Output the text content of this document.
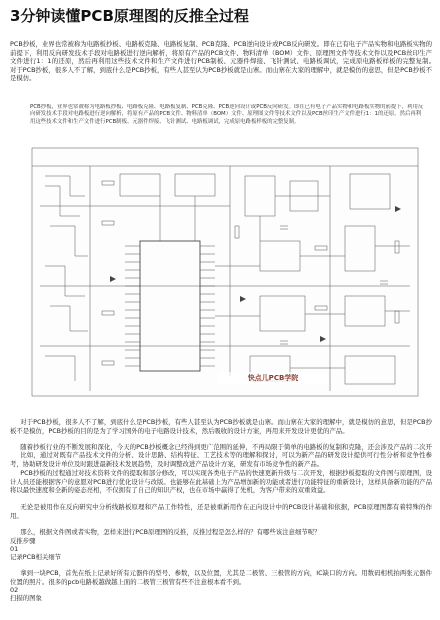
3分钟读懂PCB原理图的反推全过程
PCB抄板，业界也常被称为电路板抄板、电路板克隆、电路板复制、PCB克隆、PCB逆向设计或PCB反向研发。即在已有电子产品实物和电路板实物的前提下，利用反向研发技术手段对电路板进行逆向解析，将原有产品的PCB文件、物料清单（BOM）文件、原理图文件等技术文件以及PCB丝印生产文件进行1：1的还原，然后再利用这些技术文件和生产文件进行PCB制板、元器件焊接、飞针测试、电路板调试，完成原电路板样板的完整复制。　　对于PCB抄板，很多人不了解，到底什么是PCB抄板，有些人甚至认为PCB抄板就是山寨。而山寨在大家的理解中，就是模仿的意思，但是PCB抄板不是模仿。
PCB抄板，业界也常被称为电路板抄板、电路板克隆、电路板复制、PCB克隆、PCB逆向设计或PCB反向研发。即在已有电子产品实物和电路板实物的前提下，利用反向研发技术手段对电路板进行逆向解析，将原有产品的PCB文件、物料清单（BOM）文件、原理图文件等技术文件以及PCB丝印生产文件进行1：1的还原。然后再利用这些技术文件和生产文件进行PCB制板、元器件焊接、飞针测试、电路板调试，完成原电路板样板的完整复制。
快点儿PCB学院
对于PCB抄板，很多人不了解，到底什么是PCB抄板，有些人甚至认为PCB抄板就是山寨。而山寨在大家的理解中，就是模仿的意思，但是PCB抄板不是模仿，PCB抄板的目的是为了学习国外的电子电路设计技术，然后吸收的设计方案，再用来开发设计更优的产品。
随着抄板行业的不断发展和深化，今天的PCB抄板概念已经得到更广范围的延伸，不再局限于简单的电路板的复制和克隆，还会涉及产品的二次开
比如，通过对既有产品技术文件的分析、设计思路、结构特征、工艺技术等的理解和探讨，可以为新产品的研发设计提供可行性分析和竞争性参考，协助研发设计单位及时跟进最新技术发展趋势，及时调整改进产品设计方案，研发有市场竞争性的新产品。
PCB抄板的过程通过对技术资料文件的提取和部分修改，可以实现各类电子产品的快速更新升级与二次开发，根据抄板提取的文件图与原理图，设计人员还能根据客户的意愿对PCB进行优化设计与改版。也能够在此基础上为产品增加新的功能或者进行功能特征的重新设计，这样具备新功能的产品将以最快速度和全新的姿态亮相，不仅拥有了自己的知识产权，也在市场中赢得了先机，为客户带来的双重效益。
无论是被用作在反向研究中分析线路板原理和产品工作特性，还是被重新用作在正向设计中的PCB设计基础和依据，PCB原理图都有着特殊的作用。
那么，根据文件图或者实物，怎样来进行PCB原理图的反推，反推过程是怎么样的？有哪些该注意细节呢？
反推步骤
01
记录PCB相关细节
拿到一块PCB，首先在纸上记录好所有元器件的型号、参数，以及位置，尤其是二极管、三极管的方向，IC缺口的方向。用数码相机拍两张元器件位置的照片。很多的pcb电路板越做越上面的二极管三极管有些不注意根本看不到。
02
扫描的图象
